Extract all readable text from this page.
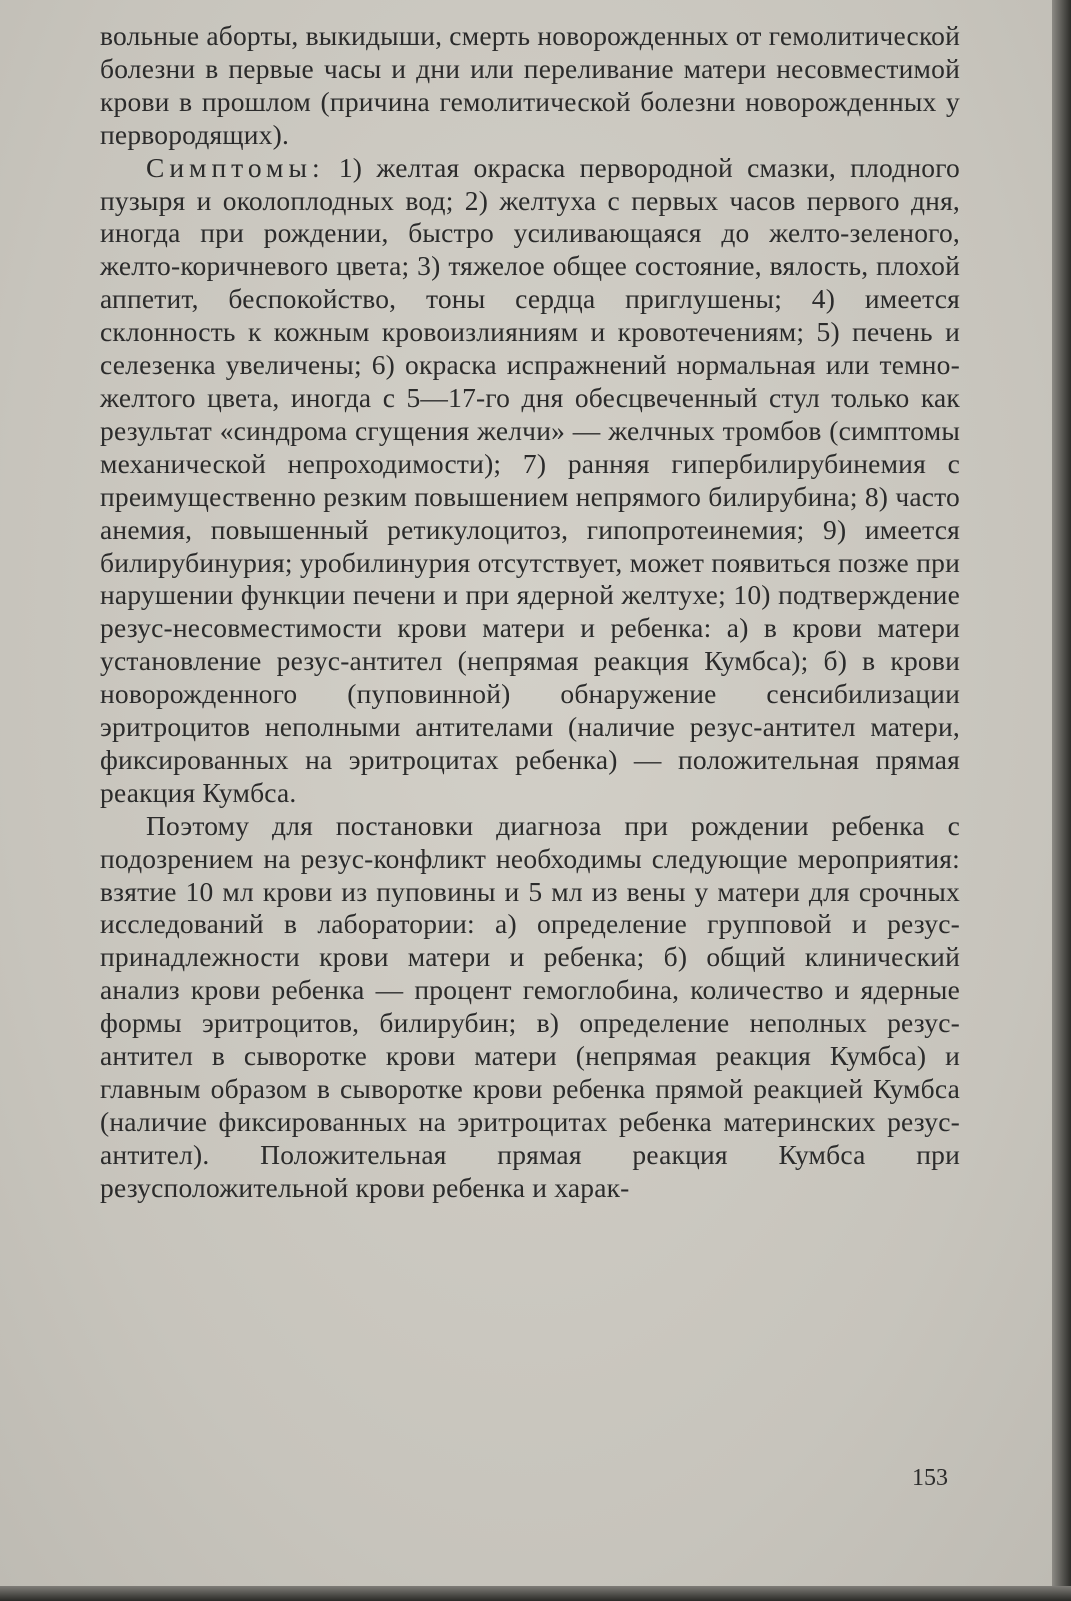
вольные аборты, выкидыши, смерть новорожденных от гемолитической болезни в первые часы и дни или переливание матери несовместимой крови в прошлом (причина гемолитической болезни новорожденных у первородящих).

Симптомы: 1) желтая окраска первородной смазки, плодного пузыря и околоплодных вод; 2) желтуха с первых часов первого дня, иногда при рождении, быстро усиливающаяся до желто-зеленого, желто-коричневого цвета; 3) тяжелое общее состояние, вялость, плохой аппетит, беспокойство, тоны сердца приглушены; 4) имеется склонность к кожным кровоизлияниям и кровотечениям; 5) печень и селезенка увеличены; 6) окраска испражнений нормальная или темно-желтого цвета, иногда с 5—17-го дня обесцвеченный стул только как результат «синдрома сгущения желчи» — желчных тромбов (симптомы механической непроходимости); 7) ранняя гипербилирубинемия с преимущественно резким повышением непрямого билирубина; 8) часто анемия, повышенный ретикулоцитоз, гипопротеинемия; 9) имеется билирубинурия; уробилинурия отсутствует, может появиться позже при нарушении функции печени и при ядерной желтухе; 10) подтверждение резус-несовместимости крови матери и ребенка: а) в крови матери установление резус-антител (непрямая реакция Кумбса); б) в крови новорожденного (пуповинной) обнаружение сенсибилизации эритроцитов неполными антителами (наличие резус-антител матери, фиксированных на эритроцитах ребенка) — положительная прямая реакция Кумбса.

Поэтому для постановки диагноза при рождении ребенка с подозрением на резус-конфликт необходимы следующие мероприятия: взятие 10 мл крови из пуповины и 5 мл из вены у матери для срочных исследований в лаборатории: а) определение групповой и резус-принадлежности крови матери и ребенка; б) общий клинический анализ крови ребенка — процент гемоглобина, количество и ядерные формы эритроцитов, билирубин; в) определение неполных резус-антител в сыворотке крови матери (непрямая реакция Кумбса) и главным образом в сыворотке крови ребенка прямой реакцией Кумбса (наличие фиксированных на эритроцитах ребенка материнских резус-антител). Положительная прямая реакция Кумбса при резусположительной крови ребенка и харак-

153
